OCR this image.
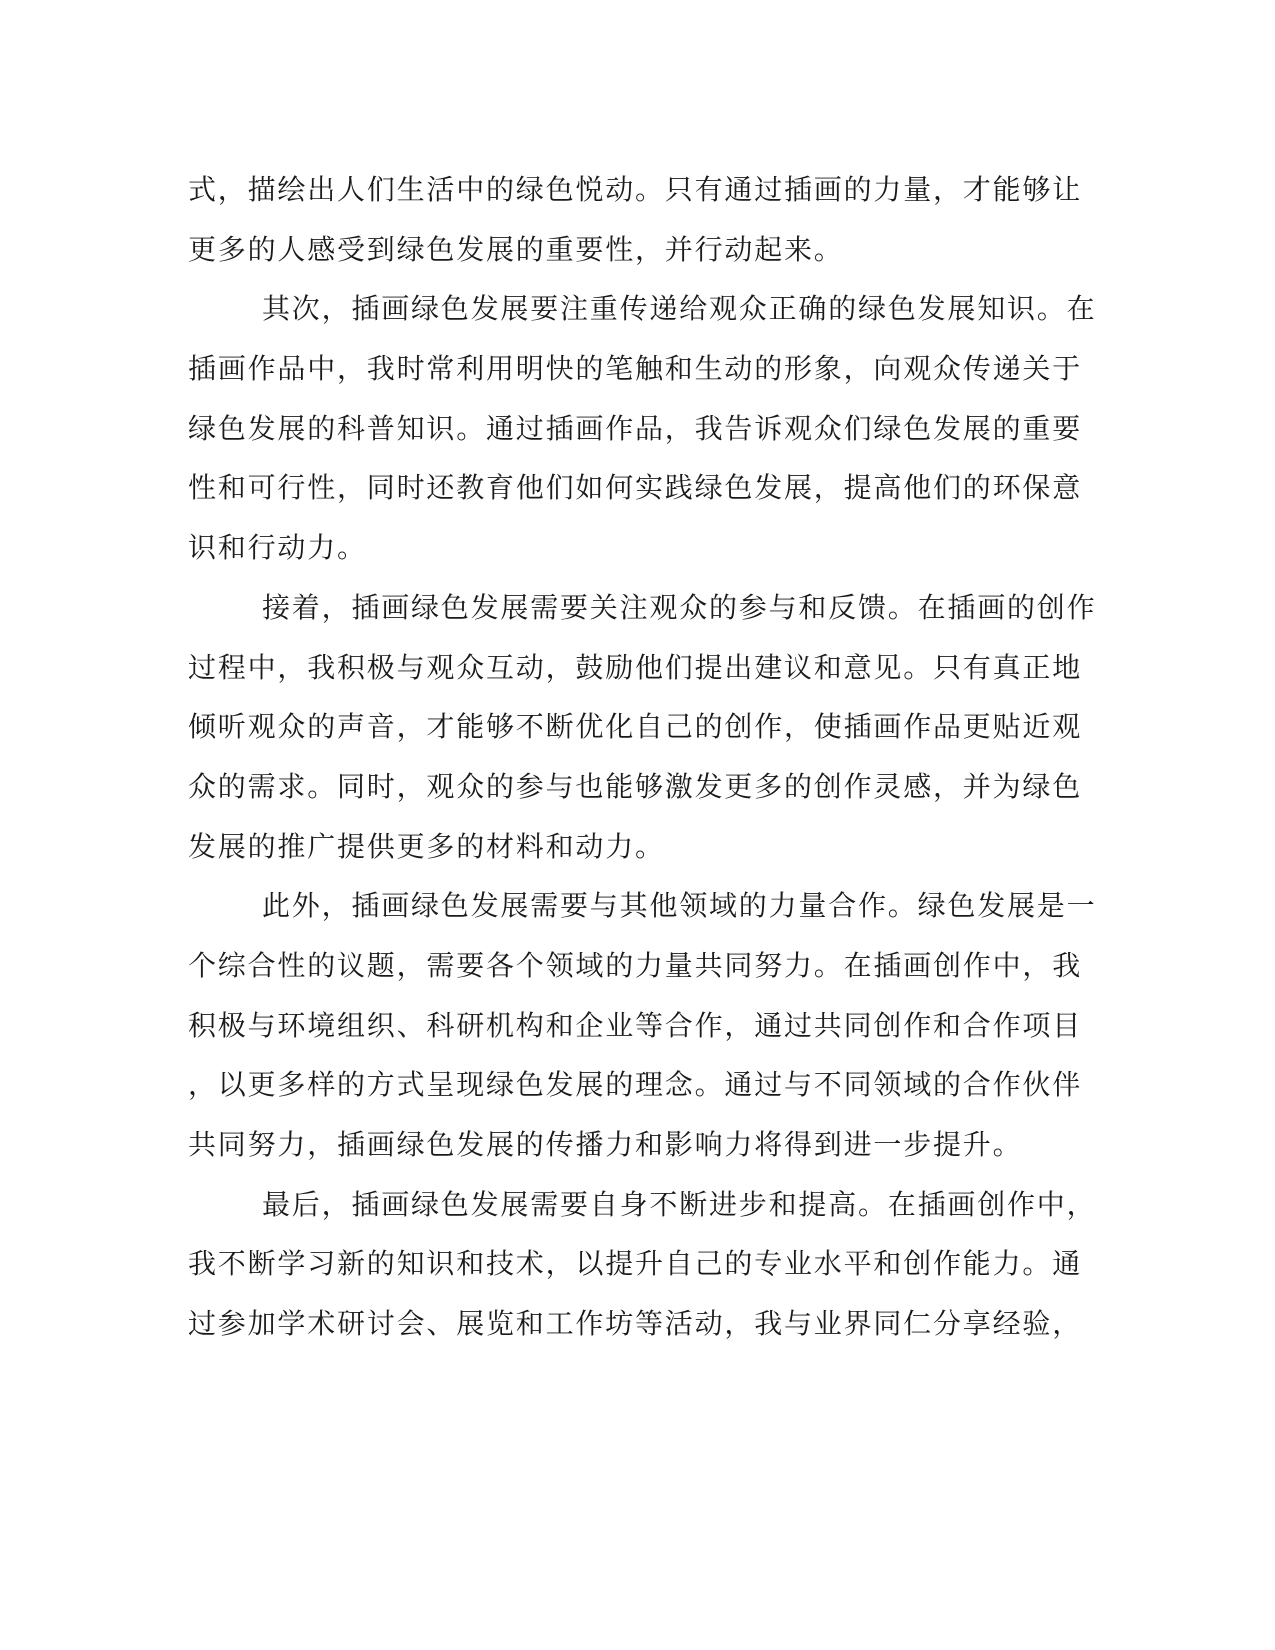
式，描绘出人们生活中的绿色悦动。只有通过插画的力量，才能够让
更多的人感受到绿色发展的重要性，并行动起来。
其次，插画绿色发展要注重传递给观众正确的绿色发展知识。在
插画作品中，我时常利用明快的笔触和生动的形象，向观众传递关于
绿色发展的科普知识。通过插画作品，我告诉观众们绿色发展的重要
性和可行性，同时还教育他们如何实践绿色发展，提高他们的环保意
识和行动力。
接着，插画绿色发展需要关注观众的参与和反馈。在插画的创作
过程中，我积极与观众互动，鼓励他们提出建议和意见。只有真正地
倾听观众的声音，才能够不断优化自己的创作，使插画作品更贴近观
众的需求。同时，观众的参与也能够激发更多的创作灵感，并为绿色
发展的推广提供更多的材料和动力。
此外，插画绿色发展需要与其他领域的力量合作。绿色发展是一
个综合性的议题，需要各个领域的力量共同努力。在插画创作中，我
积极与环境组织、科研机构和企业等合作，通过共同创作和合作项目
，以更多样的方式呈现绿色发展的理念。通过与不同领域的合作伙伴
共同努力，插画绿色发展的传播力和影响力将得到进一步提升。
最后，插画绿色发展需要自身不断进步和提高。在插画创作中，
我不断学习新的知识和技术，以提升自己的专业水平和创作能力。通
过参加学术研讨会、展览和工作坊等活动，我与业界同仁分享经验，
